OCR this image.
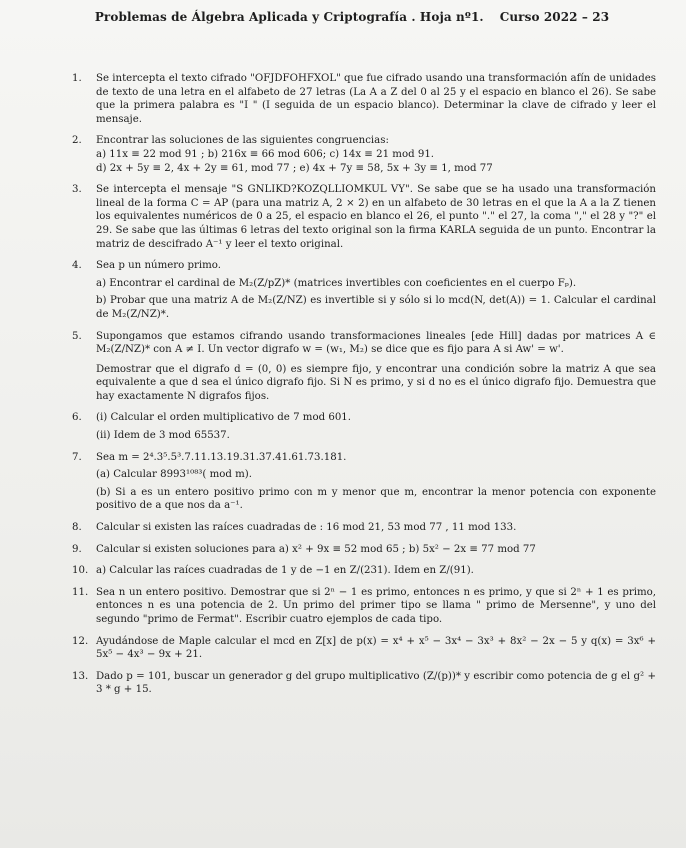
Problemas de Álgebra Aplicada y Criptografía . Hoja nº1. Curso 2022 – 23
1. Se intercepta el texto cifrado "OFJDFOHFXOL" que fue cifrado usando una transformación afín de unidades de texto de una letra en el alfabeto de 27 letras (La A a Z del 0 al 25 y el espacio en blanco el 26). Se sabe que la primera palabra es "I " (I seguida de un espacio blanco). Determinar la clave de cifrado y leer el mensaje.
2. Encontrar las soluciones de las siguientes congruencias:
a) 11x ≡ 22 mod 91 ; b) 216x ≡ 66 mod 606; c) 14x ≡ 21 mod 91.
d) 2x + 5y ≡ 2, 4x + 2y ≡ 61, mod 77 ; e) 4x + 7y ≡ 58, 5x + 3y ≡ 1, mod 77
3. Se intercepta el mensaje "S GNLIKD?KOZQLLIOMKUL VY". Se sabe que se ha usado una transformación lineal de la forma C = AP (para una matriz A, 2 × 2) en un alfabeto de 30 letras en el que la A a la Z tienen los equivalentes numéricos de 0 a 25, el espacio en blanco el 26, el punto "." el 27, la coma "," el 28 y "?" el 29. Se sabe que las últimas 6 letras del texto original son la firma KARLA seguida de un punto. Encontrar la matriz de descifrado A⁻¹ y leer el texto original.
4. Sea p un número primo.
a) Encontrar el cardinal de M₂(Z/pZ)* (matrices invertibles con coeficientes en el cuerpo Fₚ).
b) Probar que una matriz A de M₂(Z/NZ) es invertible si y sólo si lo mcd(N, det(A)) = 1. Calcular el cardinal de M₂(Z/NZ)*.
5. Supongamos que estamos cifrando usando transformaciones lineales [ede Hill] dadas por matrices A ∈ M₂(Z/NZ)* con A ≠ I. Un vector digrafo w = (w₁, M₂) se dice que es fijo para A si Aw' = w'.
Demostrar que el digrafo d = (0, 0) es siempre fijo, y encontrar una condición sobre la matriz A que sea equivalente a que d sea el único digrafo fijo. Si N es primo, y si d no es el único digrafo fijo. Demuestra que hay exactamente N digrafos fijos.
6. (i) Calcular el orden multiplicativo de 7 mod 601.
(ii) Idem de 3 mod 65537.
7. Sea m = 2⁴.3⁵.5³.7.11.13.19.31.37.41.61.73.181.
(a) Calcular 8993¹⁰⁸³( mod m).
(b) Si a es un entero positivo primo con m y menor que m, encontrar la menor potencia con exponente positivo de a que nos da a⁻¹.
8. Calcular si existen las raíces cuadradas de : 16 mod 21, 53 mod 77 , 11 mod 133.
9. Calcular si existen soluciones para a) x² + 9x ≡ 52 mod 65 ; b) 5x² − 2x ≡ 77 mod 77
10. a) Calcular las raíces cuadradas de 1 y de −1 en Z/(231). Idem en Z/(91).
11. Sea n un entero positivo. Demostrar que si 2ⁿ − 1 es primo, entonces n es primo, y que si 2ⁿ + 1 es primo, entonces n es una potencia de 2. Un primo del primer tipo se llama " primo de Mersenne", y uno del segundo "primo de Fermat". Escribir cuatro ejemplos de cada tipo.
12. Ayudándose de Maple calcular el mcd en Z[x] de p(x) = x⁴ + x⁵ − 3x⁴ − 3x³ + 8x² − 2x − 5 y q(x) = 3x⁶ + 5x⁵ − 4x³ − 9x + 21.
13. Dado p = 101, buscar un generador g del grupo multiplicativo (Z/(p))* y escribir como potencia de g el g² + 3 * g + 15.
